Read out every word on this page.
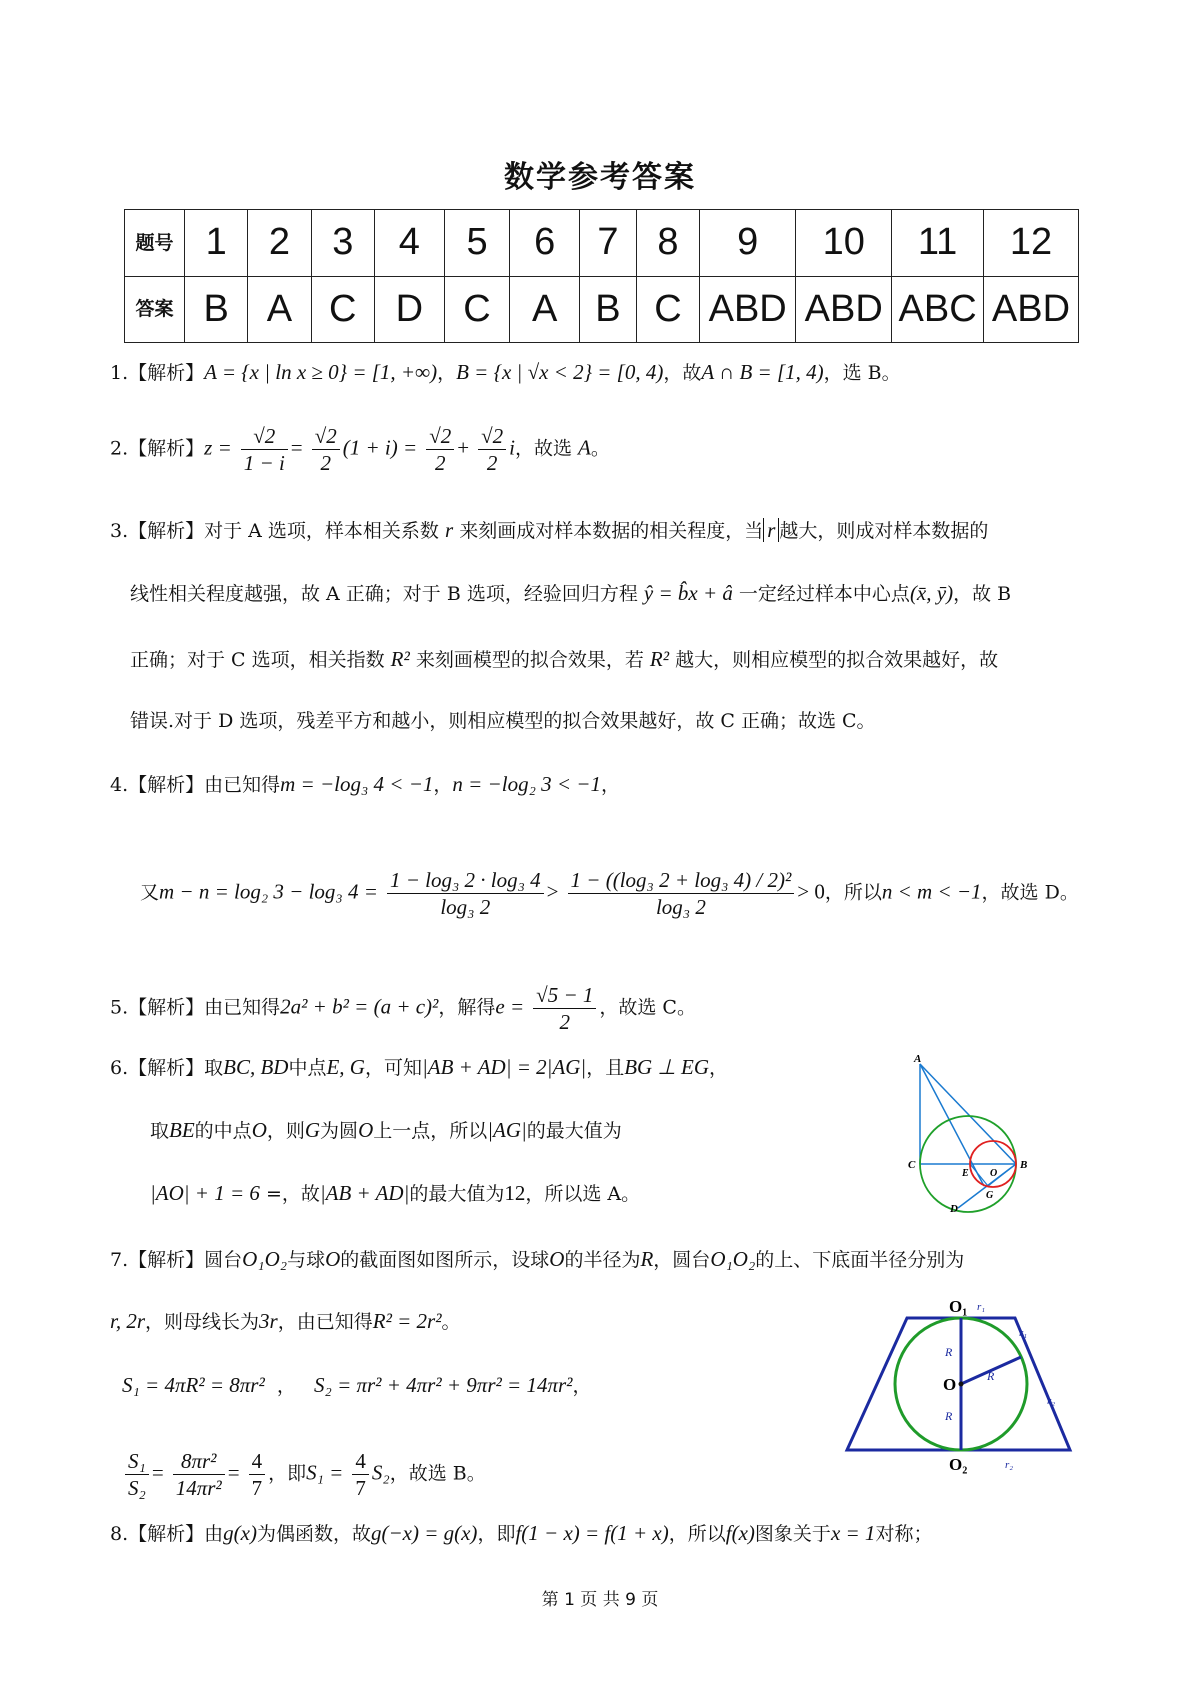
数学参考答案
题号	1	2	3	4	5	6	7	8	9	10	11	12
答案	B	A	C	D	C	A	B	C	ABD	ABD	ABC	ABD
1.【解析】A = {x | ln x ≥ 0} = [1, +∞)，B = {x | √x < 2} = [0, 4)，故A ∩ B = [1, 4)，选 B。
2.【解析】$z = \frac{√2}{1 - i} = \frac{√2}{2} (1 + i) = \frac{√2}{2} + \frac{√2}{2}$ i，故选 A。
3.【解析】对于 A 选项，样本相关系数 r 来刻画成对样本数据的相关程度，当 r 越大，则成对样本数据的
线性相关程度越强，故 A 正确；对于 B 选项，经验回归方程 ŷ = b̂x + â 一定经过样本中心点(x̄, ȳ)，故 B
正确；对于 C 选项，相关指数 R² 来刻画模型的拟合效果，若 R² 越大，则相应模型的拟合效果越好，故
错误.对于 D 选项，残差平方和越小，则相应模型的拟合效果越好，故 C 正确；故选 C。
4.【解析】由已知得m = −log₃ 4 < −1，n = −log₂ 3 < −1，
又m − n = log₂ 3 − log₃ $4 = \frac{\text{1 − log₃ 2 · log₃ 4}}{\text{log₃ 2}} > \frac{\text{1 − ((log₃ 2 + log₃ 4) / 2)²}}{\text{log₃ 2}} > 0$，所以n < m < −1，故选 D。
5.【解析】由已知得2a² + b² = (a + c)²，解得$e = \frac{√5 - 1}{2}$ ，故选 C。
6.【解析】取BC, BD中点E, G，可知|AB + AD| = 2|AG|，且BG ⊥ EG，
取BE的中点O，则G为圆O上一点，所以|AG|的最大值为
|AO| + 1 = 6 =，故|AB + AD|的最大值为12，所以选 A。
A
B
C
D
E O
G
7.【解析】圆台O₁O₂与球O的截面图如图所示，设球O的半径为R，圆台O₁O₂的上、下底面半径分别为
r, 2r，则母线长为3r，由已知得R² = 2r²。
S₁ = 4πR² = 8πr² ， S₂ = πr² + 4πr² + 9πr² = 14πr²，
$\frac{\text{S₁}}{\text{S₂}} = \frac{\text{8πr²}}{\text{14πr²}} = \frac{4}{7}$ ，即$S_1 = \frac{4}{7} S_2$，故选 B。
O₁
O₂
O
R
R
R
r₁
r₁
r₂
r₂
8.【解析】由g(x)为偶函数，故g(−x) = g(x)，即f(1 − x) = f(1 + x)，所以f(x)图象关于x = 1对称；
第 1 页 共 9 页
